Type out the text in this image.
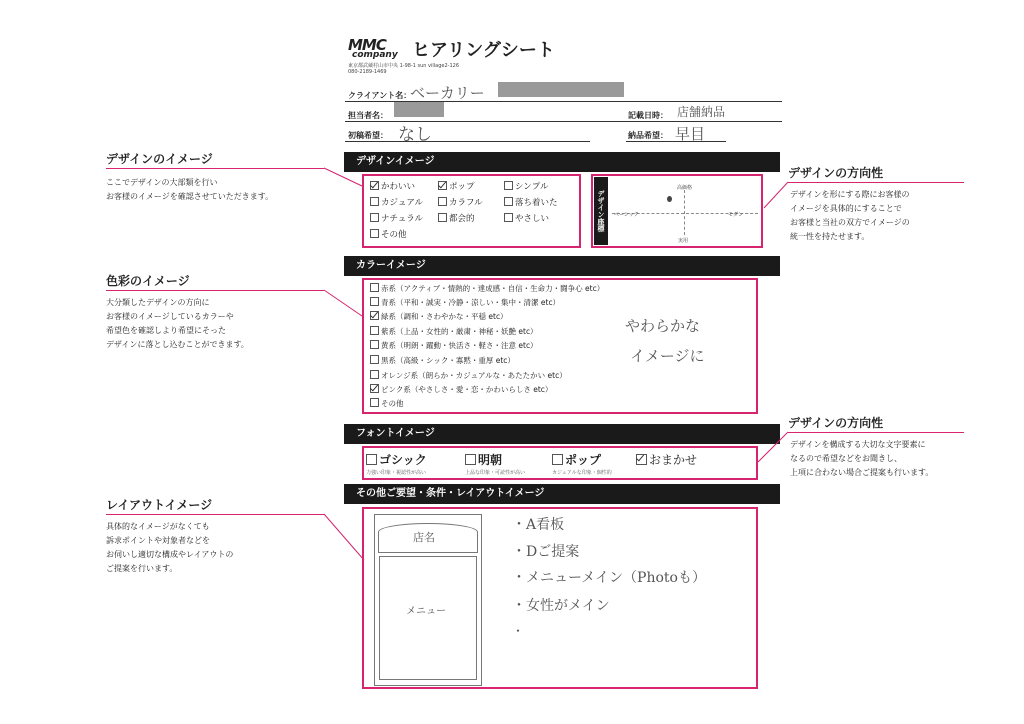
MMC
company ヒアリングシート
東京都武蔵村山市中央 1-98-1 sun village2-126
080-2189-1469
クライアント名：
ベーカリー
担当者名：	記載日時： 店舗納品
初稿希望： なし	納品希望： 早目
デザインイメージ
かわいい	ポップ	シンプル
カジュアル	カラフル	落ち着いた
ナチュラル	都会的	やさしい
その他
デザイン座標
高価格
実用
ベーシック	モダン
カラーイメージ
赤系（アクティブ・情熱的・達成感・自信・生命力・闘争心 etc）
青系（平和・誠実・冷静・涼しい・集中・清潔 etc）
緑系（調和・さわやかな・平穏 etc）
紫系（上品・女性的・厳粛・神秘・妖艶 etc）
黄系（明朗・躍動・快活さ・軽さ・注意 etc）
黒系（高級・シック・寡黙・重厚 etc）
オレンジ系（朗らか・カジュアルな・あたたかい etc）
ピンク系（やさしさ・愛・恋・かわいらしさ etc）
その他
やわらかな
イメージに
フォントイメージ
ゴシック
力強い印象・視認性が高い
明朝
上品な印象・可読性が高い
ポップ
カジュアルな印象・個性的
おまかせ
その他ご要望・条件・レイアウトイメージ
店名
メニュー
・A看板
・Dご提案
・メニューメイン（Photoも）
・女性がメイン
・
デザインのイメージ
ここでデザインの大部類を行い
お客様のイメージを確認させていただきます。
色彩のイメージ
大分類したデザインの方向に
お客様のイメージしているカラーや
希望色を確認しより希望にそった
デザインに落とし込むことができます。
レイアウトイメージ
具体的なイメージがなくても
訴求ポイントや対象者などを
お伺いし適切な構成やレイアウトの
ご提案を行います。
デザインの方向性
デザインを形にする際にお客様の
イメージを具体的にすることで
お客様と当社の双方でイメージの
統一性を持たせます。
デザインの方向性
デザインを構成する大切な文字要素に
なるので希望などをお聞きし、
上項に合わない場合ご提案も行います。
